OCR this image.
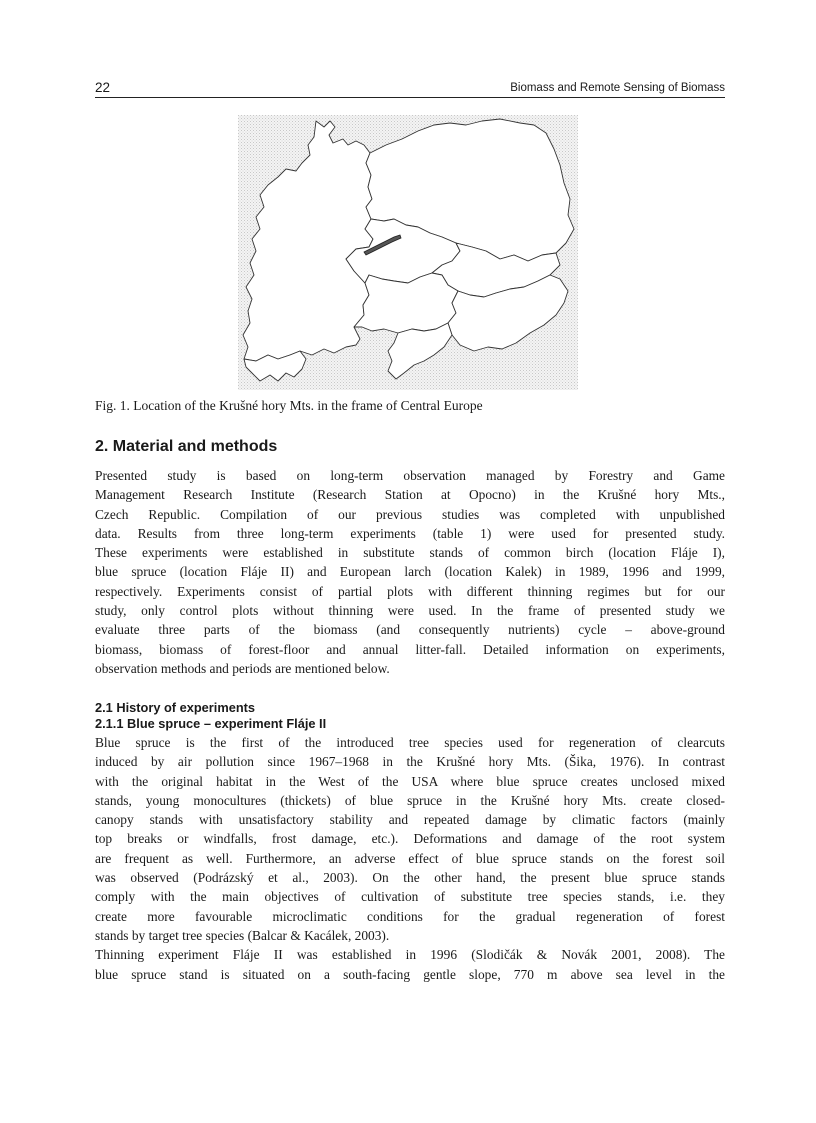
22	Biomass and Remote Sensing of Biomass
Fig. 1. Location of the Krušné hory Mts. in the frame of Central Europe
2. Material and methods
Presented study is based on long-term observation managed by Forestry and Game
Management Research Institute (Research Station at Opocno) in the Krušné hory Mts.,
Czech Republic. Compilation of our previous studies was completed with unpublished
data. Results from three long-term experiments (table 1) were used for presented study.
These experiments were established in substitute stands of common birch (location Fláje I),
blue spruce (location Fláje II) and European larch (location Kalek) in 1989, 1996 and 1999,
respectively. Experiments consist of partial plots with different thinning regimes but for our
study, only control plots without thinning were used. In the frame of presented study we
evaluate three parts of the biomass (and consequently nutrients) cycle – above-ground
biomass, biomass of forest-floor and annual litter-fall. Detailed information on experiments,
observation methods and periods are mentioned below.
2.1 History of experiments
2.1.1 Blue spruce – experiment Fláje II
Blue spruce is the first of the introduced tree species used for regeneration of clearcuts
induced by air pollution since 1967–1968 in the Krušné hory Mts. (Šika, 1976). In contrast
with the original habitat in the West of the USA where blue spruce creates unclosed mixed
stands, young monocultures (thickets) of blue spruce in the Krušné hory Mts. create closed-
canopy stands with unsatisfactory stability and repeated damage by climatic factors (mainly
top breaks or windfalls, frost damage, etc.). Deformations and damage of the root system
are frequent as well. Furthermore, an adverse effect of blue spruce stands on the forest soil
was observed (Podrázský et al., 2003). On the other hand, the present blue spruce stands
comply with the main objectives of cultivation of substitute tree species stands, i.e. they
create more favourable microclimatic conditions for the gradual regeneration of forest
stands by target tree species (Balcar & Kacálek, 2003).
Thinning experiment Fláje II was established in 1996 (Slodičák & Novák 2001, 2008). The
blue spruce stand is situated on a south-facing gentle slope, 770 m above sea level in the
